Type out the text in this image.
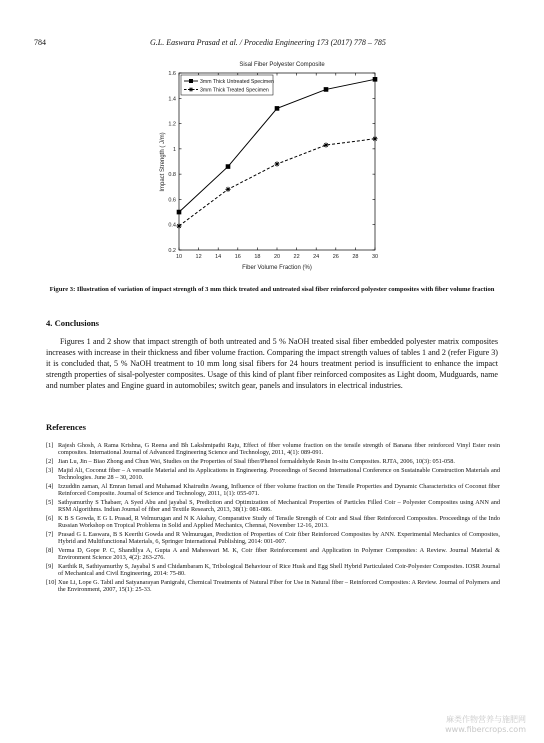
784	G.L. Easwara Prasad et al. / Procedia Engineering 173 (2017) 778 – 785
Sisal Fiber Polyester Composite
10 12 14 16 18 20 22 24 26 28 30
0.2
0.4
0.6
0.8
1
1.2
1.4
1.6
3mm Thick Untreated Specimen
3mm Thick Treated Specimen
Fiber Volume Fraction (%)
Impact Strength ( J/m)
Figure 3: Illustration of variation of impact strength of 3 mm thick treated and untreated sisal fiber reinforced polyester composites with fiber volume fraction
4. Conclusions
Figures 1 and 2 show that impact strength of both untreated and 5 % NaOH treated sisal fiber embedded polyester matrix composites increases with increase in their thickness and fiber volume fraction. Comparing the impact strength values of tables 1 and 2 (refer Figure 3) it is concluded that, 5 % NaOH treatment to 10 mm long sisal fibers for 24 hours treatment period is insufficient to enhance the impact strength properties of sisal-polyester composites. Usage of this kind of plant fiber reinforced composites as Light doom, Mudguards, name and number plates and Engine guard in automobiles; switch gear, panels and insulators in electrical industries.
References
[1] Rajesh Ghosh, A Rama Krishna, G Reena and Bh Lakshmipathi Raju, Effect of fiber volume fraction on the tensile strength of Banana fiber reinforced Vinyl Ester resin composites. International Journal of Advanced Engineering Science and Technology, 2011, 4(1): 089-091.
[2] Jian Lu, Jin – Biao Zhong and Chun Wei, Studies on the Properties of Sisal fiber/Phenol formaldehyde Resin In-situ Composites. RJTA, 2006, 10(3): 051-058.
[3] Majid Ali, Coconut fiber – A versatile Material and its Applications in Engineering. Proceedings of Second International Conference on Sustainable Construction Materials and Technologies. June 28 – 30, 2010.
[4] Izzuddin zaman, Al Emran Ismail and Muhamad Khairudin Awang, Influence of fiber volume fraction on the Tensile Properties and Dynamic Characteristics of Coconut fiber Reinforced Composite. Journal of Science and Technology, 2011, 1(1): 055-071.
[5] Sathyamurthy S Thabaer, A Syed Abu and jayabal S, Prediction and Optimization of Mechanical Properties of Particles Filled Coir – Polyester Composites using ANN and RSM Algorithms. Indian Journal of fiber and Textile Research, 2013, 38(1): 081-086.
[6] K B S Gowda, E G L Prasad, R Velmurugan and N K Akshay, Comparative Study of Tensile Strength of Coir and Sisal fiber Reinforced Composites. Proceedings of the Indo Russian Workshop on Tropical Problems in Solid and Applied Mechanics, Chennai, November 12-16, 2013.
[7] Prasad G L Easwara, B S Keerthi Gowda and R Velmurugan, Prediction of Properties of Coir fiber Reinforced Composites by ANN. Experimental Mechanics of Composites, Hybrid and Multifunctional Materials, 6, Springer International Publishing, 2014: 001-007.
[8] Verma D, Gope P. C, Shandilya A, Gupta A and Maheswari M. K, Coir fiber Reinforcement and Application in Polymer Composites: A Review. Journal Material & Environment Science 2013, 4(2): 263-276.
[9] Karthik R, Sathiyamurthy S, Jayabal S and Chidambaram K, Tribological Behaviour of Rice Husk and Egg Shell Hybrid Particulated Coir-Polyester Composites. IOSR Journal of Mechanical and Civil Engineering, 2014: 75-80.
[10] Xue Li, Lope G. Tabil and Satyanarayan Panigrahi, Chemical Treatments of Natural Fiber for Use in Natural fiber – Reinforced Composites: A Review. Journal of Polymers and the Environment, 2007, 15(1): 25-33.
麻类作物营养与施肥网
www.fibercrops.com
